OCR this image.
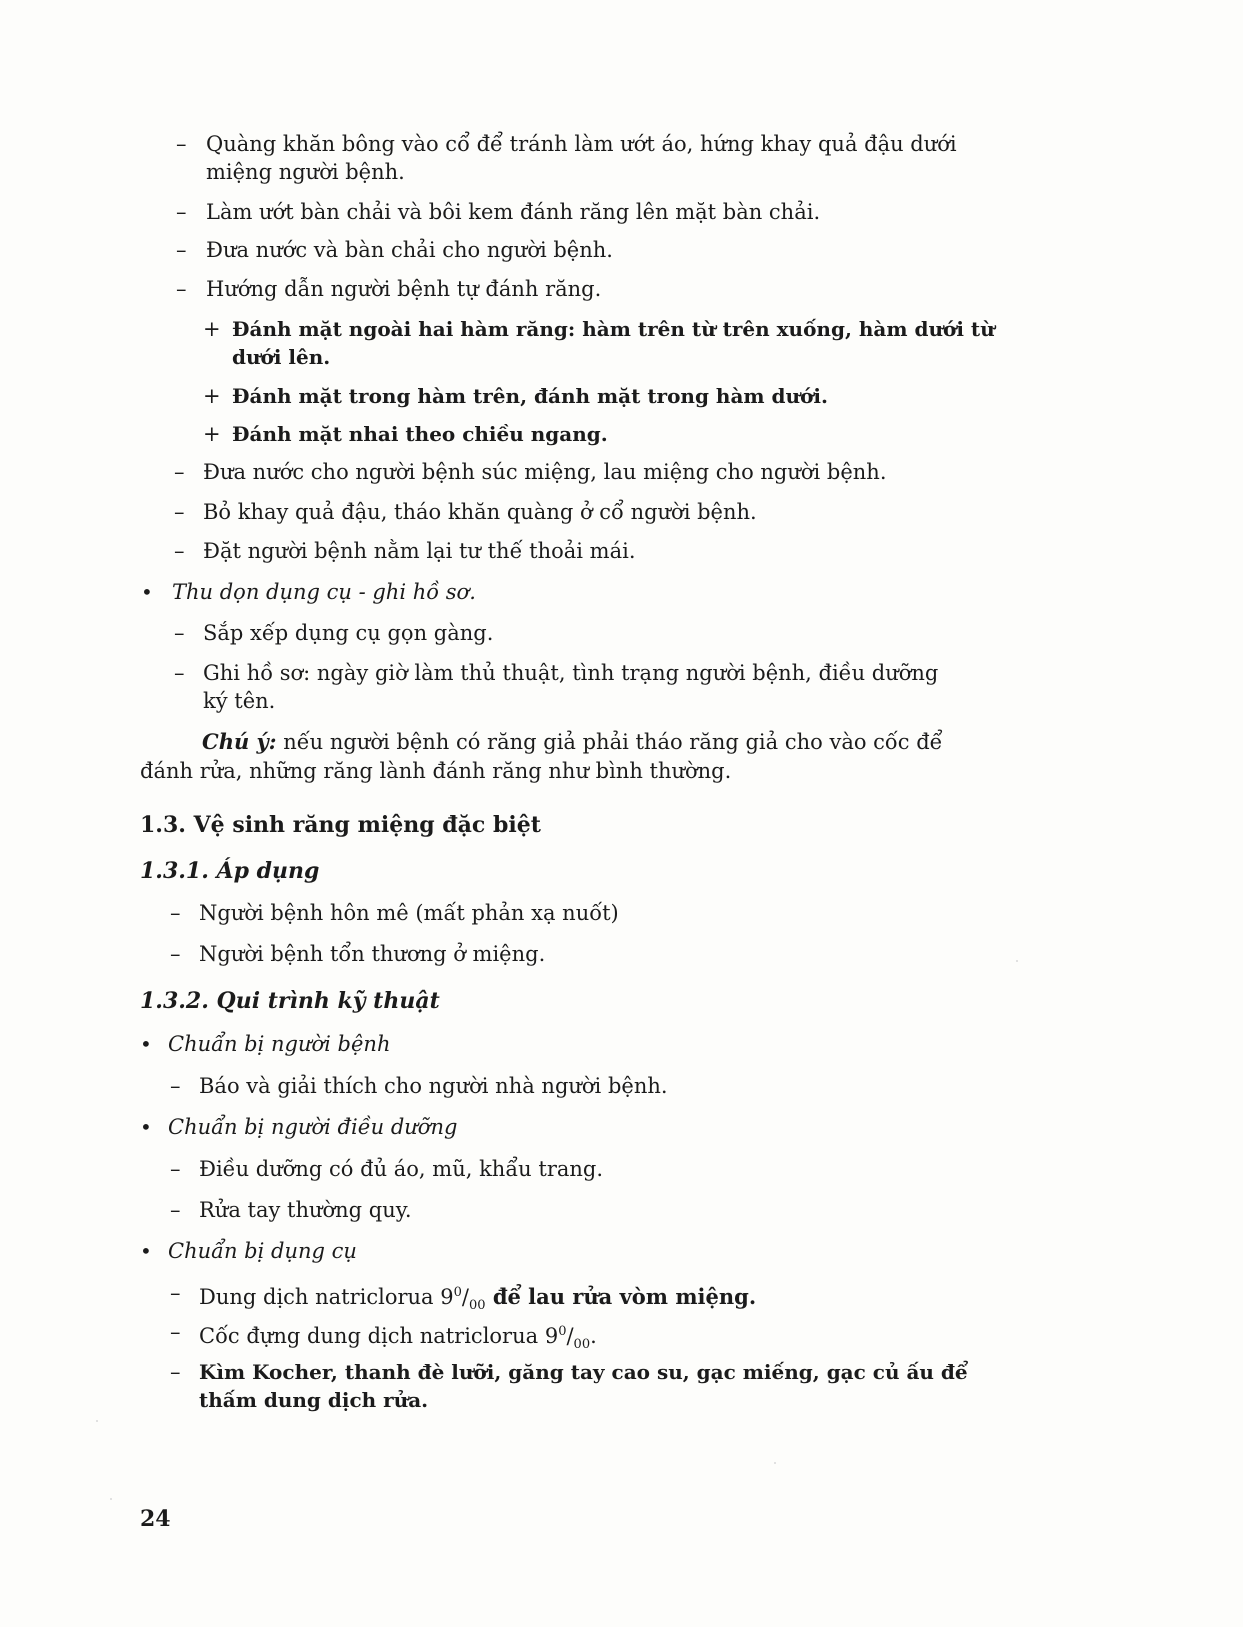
– Quàng khăn bông vào cổ để tránh làm ướt áo, hứng khay quả đậu dưới
miệng người bệnh.
– Làm ướt bàn chải và bôi kem đánh răng lên mặt bàn chải.
– Đưa nước và bàn chải cho người bệnh.
– Hướng dẫn người bệnh tự đánh răng.
+ Đánh mặt ngoài hai hàm răng: hàm trên từ trên xuống, hàm dưới từ
dưới lên.
+ Đánh mặt trong hàm trên, đánh mặt trong hàm dưới.
+ Đánh mặt nhai theo chiều ngang.
– Đưa nước cho người bệnh súc miệng, lau miệng cho người bệnh.
– Bỏ khay quả đậu, tháo khăn quàng ở cổ người bệnh.
– Đặt người bệnh nằm lại tư thế thoải mái.
• Thu dọn dụng cụ - ghi hồ sơ.
– Sắp xếp dụng cụ gọn gàng.
– Ghi hồ sơ: ngày giờ làm thủ thuật, tình trạng người bệnh, điều dưỡng
ký tên.
Chú ý: nếu người bệnh có răng giả phải tháo răng giả cho vào cốc để
đánh rửa, những răng lành đánh răng như bình thường.
1.3. Vệ sinh răng miệng đặc biệt
1.3.1. Áp dụng
– Người bệnh hôn mê (mất phản xạ nuốt)
– Người bệnh tổn thương ở miệng.
1.3.2. Qui trình kỹ thuật
• Chuẩn bị người bệnh
– Báo và giải thích cho người nhà người bệnh.
• Chuẩn bị người điều dưỡng
– Điều dưỡng có đủ áo, mũ, khẩu trang.
– Rửa tay thường quy.
• Chuẩn bị dụng cụ
– Dung dịch natriclorua $9^0/_{00}$ để lau rửa vòm miệng.
– Cốc đựng dung dịch natriclorua $9^0/_{00}$.
– Kìm Kocher, thanh đè lưỡi, găng tay cao su, gạc miếng, gạc củ ấu để
thấm dung dịch rửa.
24
